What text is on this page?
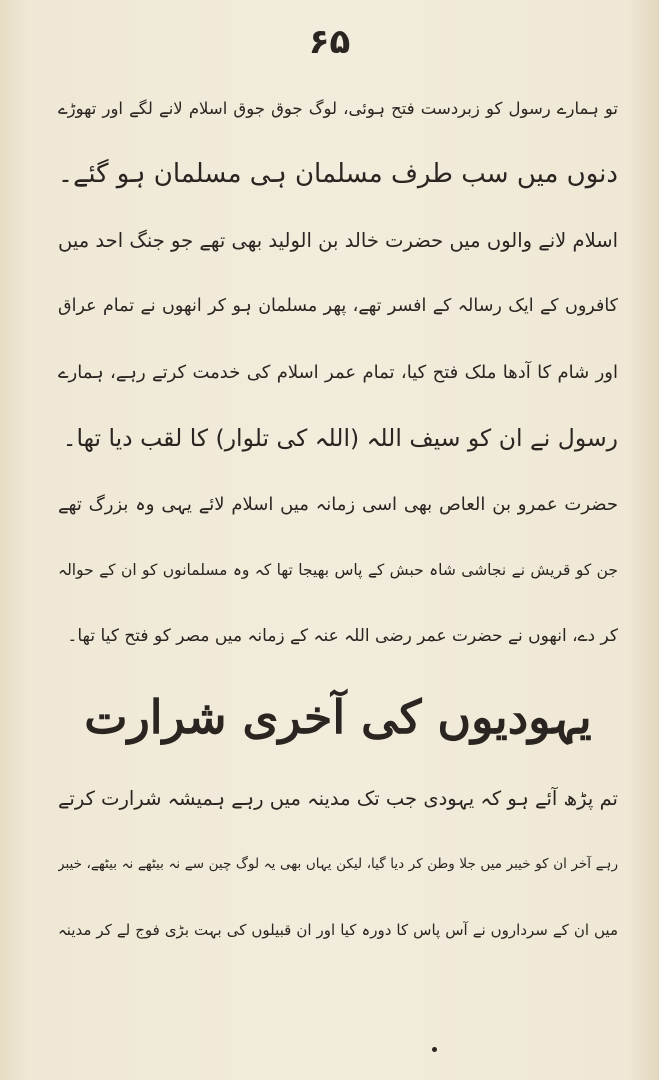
۶۵
تو ہمارے رسول کو زبردست فتح ہوئی، لوگ جوق جوق اسلام لانے لگے اور تھوڑے
دنوں میں سب طرف مسلمان ہی مسلمان ہو گئے۔
اسلام لانے والوں میں حضرت خالد بن الولید بھی تھے جو جنگ احد میں
کافروں کے ایک رسالہ کے افسر تھے، پھر مسلمان ہو کر انھوں نے تمام عراق
اور شام کا آدھا ملک فتح کیا، تمام عمر اسلام کی خدمت کرتے رہے، ہمارے
رسول نے ان کو سیف اللہ (اللہ کی تلوار) کا لقب دیا تھا۔
حضرت عمرو بن العاص بھی اسی زمانہ میں اسلام لائے یہی وہ بزرگ تھے
جن کو قریش نے نجاشی شاہ حبش کے پاس بھیجا تھا کہ وہ مسلمانوں کو ان کے حوالہ
کر دے، انھوں نے حضرت عمر رضی اللہ عنہ کے زمانہ میں مصر کو فتح کیا تھا۔
یہودیوں کی آخری شرارت
تم پڑھ آئے ہو کہ یہودی جب تک مدینہ میں رہے ہمیشہ شرارت کرتے
رہے آخر ان کو خیبر میں جلا وطن کر دیا گیا، لیکن یہاں بھی یہ لوگ چین سے نہ بیٹھے نہ بیٹھے، خیبر
میں ان کے سرداروں نے آس پاس کا دورہ کیا اور ان قبیلوں کی بہت بڑی فوج لے کر مدینہ
